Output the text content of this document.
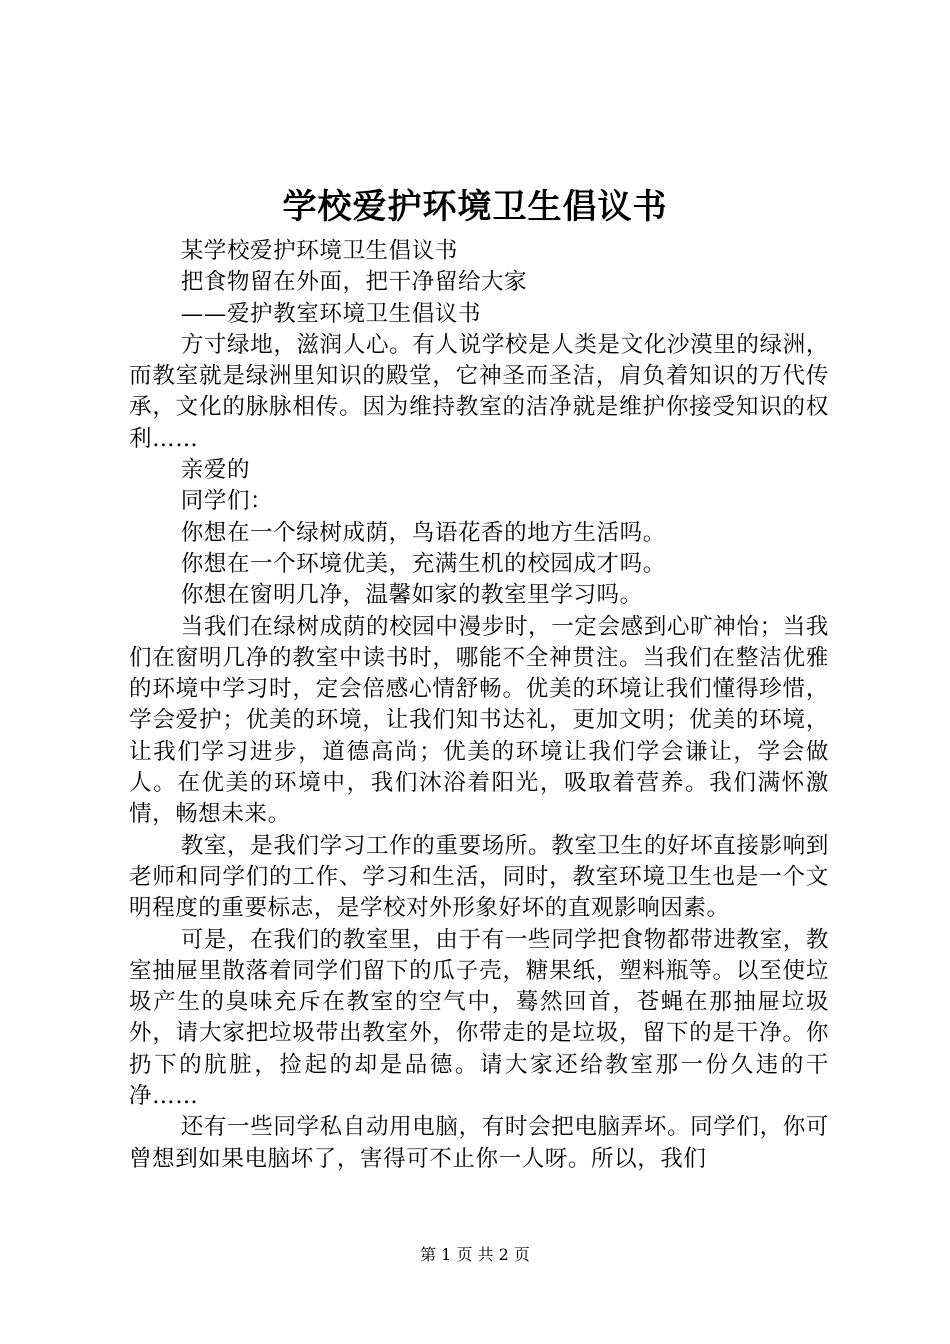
学校爱护环境卫生倡议书

某学校爱护环境卫生倡议书

把食物留在外面，把干净留给大家

——爱护教室环境卫生倡议书

方寸绿地，滋润人心。有人说学校是人类是文化沙漠里的绿洲，而教室就是绿洲里知识的殿堂，它神圣而圣洁，肩负着知识的万代传承，文化的脉脉相传。因为维持教室的洁净就是维护你接受知识的权利……

亲爱的

同学们：

你想在一个绿树成荫，鸟语花香的地方生活吗。

你想在一个环境优美，充满生机的校园成才吗。

你想在窗明几净，温馨如家的教室里学习吗。

当我们在绿树成荫的校园中漫步时，一定会感到心旷神怡；当我们在窗明几净的教室中读书时，哪能不全神贯注。当我们在整洁优雅的环境中学习时，定会倍感心情舒畅。优美的环境让我们懂得珍惜，学会爱护；优美的环境，让我们知书达礼，更加文明；优美的环境，让我们学习进步，道德高尚；优美的环境让我们学会谦让，学会做人。在优美的环境中，我们沐浴着阳光，吸取着营养。我们满怀激情，畅想未来。

教室，是我们学习工作的重要场所。教室卫生的好坏直接影响到老师和同学们的工作、学习和生活，同时，教室环境卫生也是一个文明程度的重要标志，是学校对外形象好坏的直观影响因素。

可是，在我们的教室里，由于有一些同学把食物都带进教室，教室抽屉里散落着同学们留下的瓜子壳，糖果纸，塑料瓶等。以至使垃圾产生的臭味充斥在教室的空气中，蓦然回首，苍蝇在那抽屉垃圾外，请大家把垃圾带出教室外，你带走的是垃圾，留下的是干净。你扔下的肮脏，捡起的却是品德。请大家还给教室那一份久违的干净……

还有一些同学私自动用电脑，有时会把电脑弄坏。同学们，你可曾想到如果电脑坏了，害得可不止你一人呀。所以，我们

第 1 页 共 2 页
